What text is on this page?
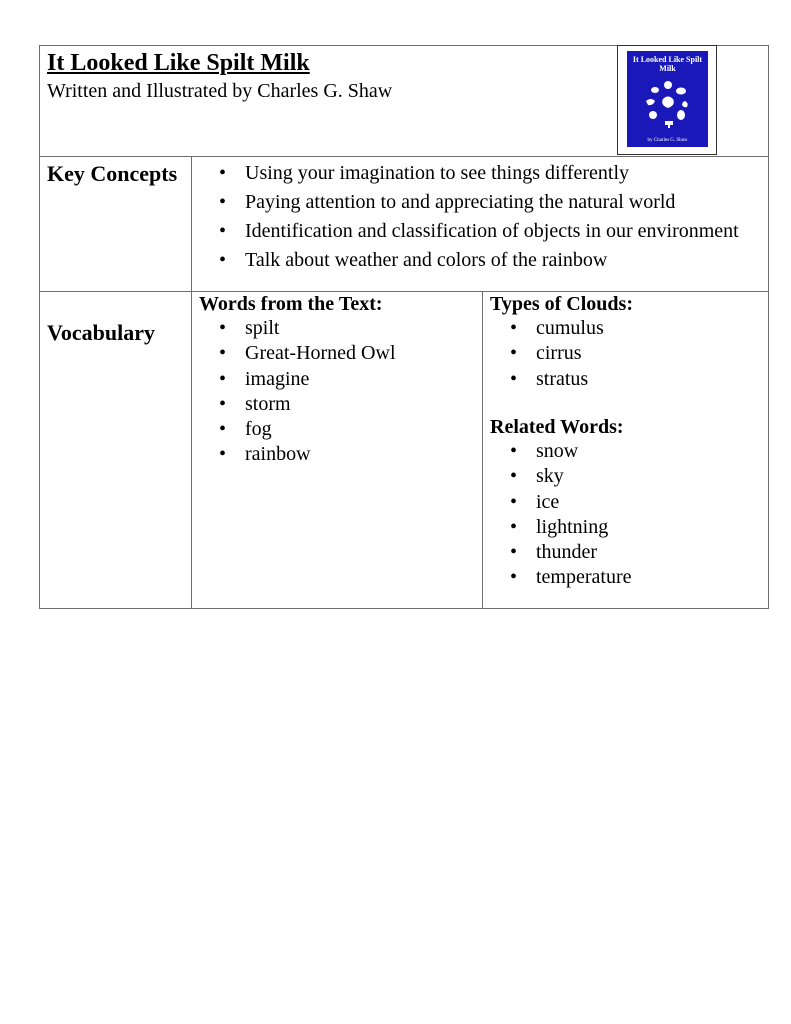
It Looked Like Spilt Milk
Written and Illustrated by Charles G. Shaw
It Looked Like Spilt Milk
by Charles G. Shaw
Key Concepts
•	Using your imagination to see things differently
• Paying attention to and appreciating the natural world
• Identification and classification of objects in our environment
• Talk about weather and colors of the rainbow
Vocabulary
Words from the Text:
• spilt
• Great-Horned Owl
• imagine
• storm
• fog
• rainbow
Types of Clouds:
• cumulus
• cirrus
• stratus
Related Words:
• snow
• sky
• ice
• lightning
• thunder
• temperature
